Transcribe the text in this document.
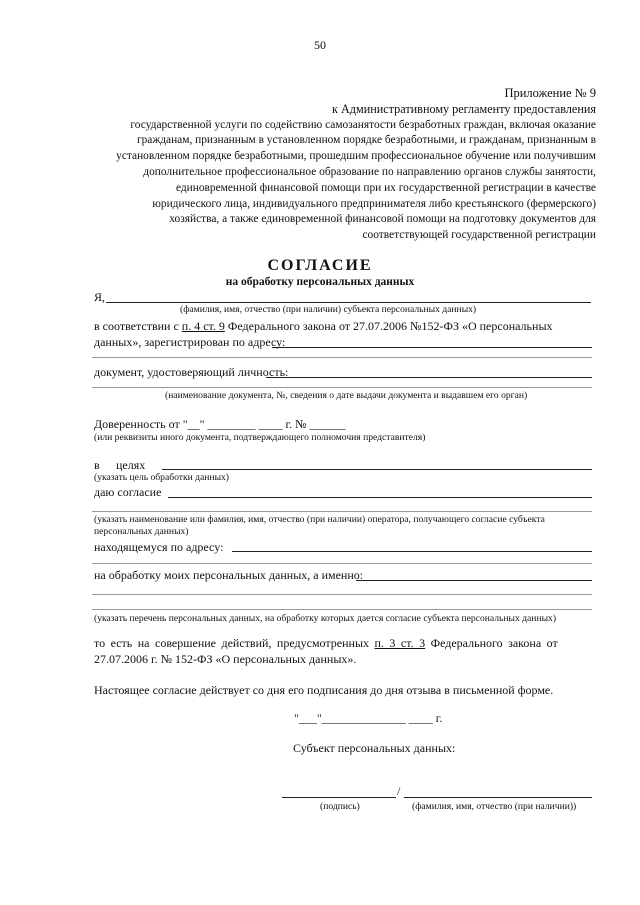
50
Приложение № 9
к Административному регламенту предоставления
государственной услуги по содействию самозанятости безработных граждан, включая оказание
гражданам, признанным в установленном порядке безработными, и гражданам, признанным в
установленном порядке безработными, прошедшим профессиональное обучение или получившим
дополнительное профессиональное образование по направлению органов службы занятости,
единовременной финансовой помощи при их государственной регистрации в качестве
юридического лица, индивидуального предпринимателя либо крестьянского (фермерского)
хозяйства, а также единовременной финансовой помощи на подготовку документов для
соответствующей государственной регистрации
СОГЛАСИЕ
на обработку персональных данных
Я,
(фамилия, имя, отчество (при наличии) субъекта персональных данных)
в соответствии с п. 4 ст. 9 Федерального закона от 27.07.2006 №152-ФЗ «О персональных
данных», зарегистрирован по адресу:
документ, удостоверяющий личность:
(наименование документа, №, сведения о дате выдачи документа и выдавшем его орган)
Доверенность от "__" ________ ____ г. № ______
(или реквизиты иного документа, подтверждающего полномочия представителя)
в целях
(указать цель обработки данных)
даю согласие
(указать наименование или фамилия, имя, отчество (при наличии) оператора, получающего согласие субъекта
персональных данных)
находящемуся по адресу:
на обработку моих персональных данных, а именно:
(указать перечень персональных данных, на обработку которых дается согласие субъекта персональных данных)
то есть на совершение действий, предусмотренных п. 3 ст. 3 Федерального закона от
27.07.2006 г. № 152-ФЗ «О персональных данных».
Настоящее согласие действует со дня его подписания до дня отзыва в письменной форме.
"___"______________ ____ г.
Субъект персональных данных:
/
(подпись)	(фамилия, имя, отчество (при наличии))
